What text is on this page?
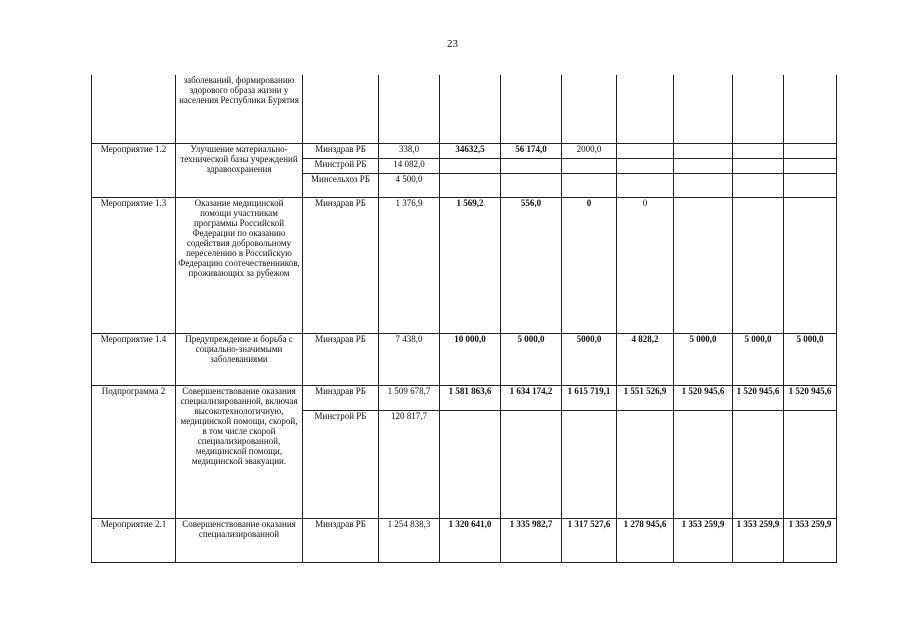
23
	заболеваний, формированию здорового образа жизни у населения Республики Бурятия									
Мероприятие 1.2	Улучшение материально-технической базы учреждений здравоохранения	Минздрав РБ	338,0	34632,5	56 174,0	2000,0				
		Минстрой РБ	14 082,0							
		Минсельхоз РБ	4 500,0							
Мероприятие 1.3	Оказание медицинской помощи участникам программы Российской Федерации по оказанию содействия добровольному переселению в Российскую Федерацию соотечественников, проживающих за рубежом	Минздрав РБ	1 376,9	1 569,2	556,0	0	0			
Мероприятие 1.4	Предупреждение и борьба с социально-значимыми заболеваниями	Минздрав РБ	7 438,0	10 000,0	5 000,0	5000,0	4 828,2	5 000,0	5 000,0	5 000,0
Подпрограмма 2	Совершенствование оказания специализированной, включая высокотехнологичную, медицинской помощи, скорой, в том числе скорой специализированной, медицинской помощи, медицинской эвакуации.	Минздрав РБ	1 509 678,7	1 581 863,6	1 634 174,2	1 615 719,1	1 551 526,9	1 520 945,6	1 520 945,6	1 520 945,6
		Минстрой РБ	120 817,7							
Мероприятие 2.1	Совершенствование оказания специализированной	Минздрав РБ	1 254 838,3	1 320 641,0	1 335 982,7	1 317 527,6	1 278 945,6	1 353 259,9	1 353 259,9	1 353 259,9
